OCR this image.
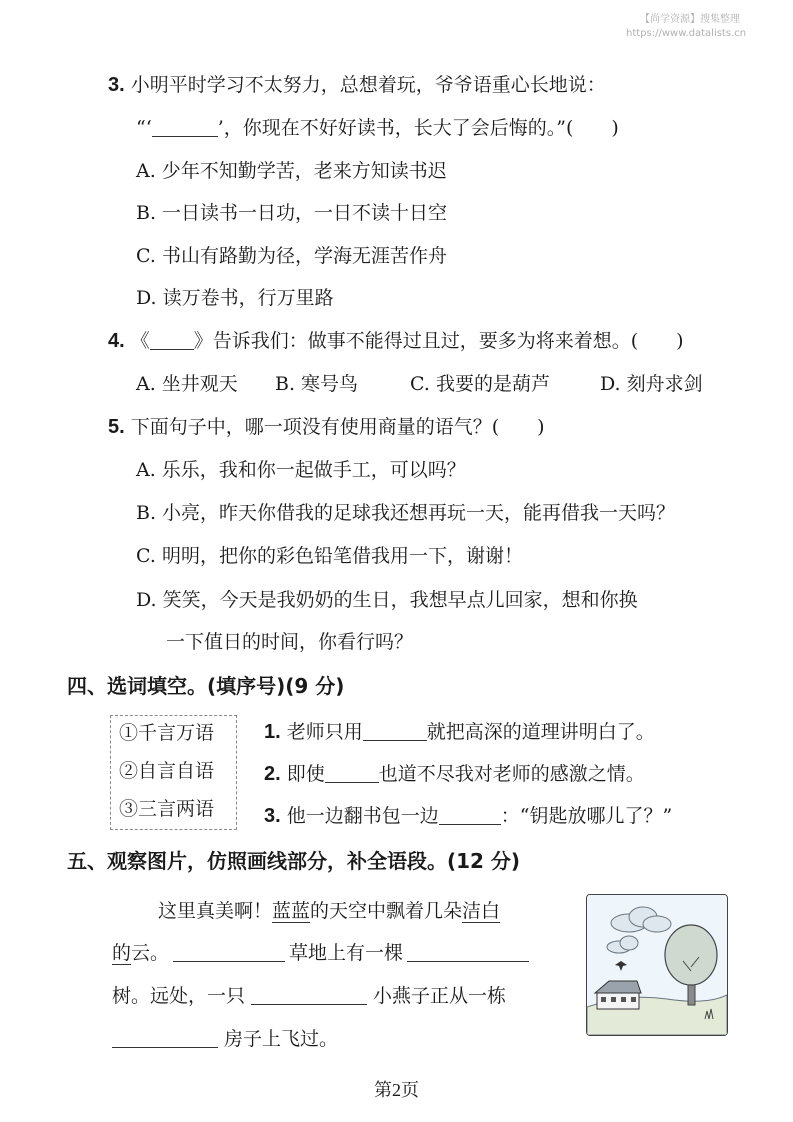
【尚学资源】搜集整理
https://www.datalists.cn
3. 小明平时学习不太努力，总想着玩，爷爷语重心长地说：
“‘	’，你现在不好好读书，长大了会后悔的。”(　　)
A. 少年不知勤学苦，老来方知读书迟
B. 一日读书一日功，一日不读十日空
C. 书山有路勤为径，学海无涯苦作舟
D. 读万卷书，行万里路
4. 《 》告诉我们：做事不能得过且过，要多为将来着想。(　　)
A. 坐井观天 B. 寒号鸟	C. 我要的是葫芦	D. 刻舟求剑
5. 下面句子中，哪一项没有使用商量的语气？(　　)
A. 乐乐，我和你一起做手工，可以吗？
B. 小亮，昨天你借我的足球我还想再玩一天，能再借我一天吗？
C. 明明，把你的彩色铅笔借我用一下，谢谢！
D. 笑笑，今天是我奶奶的生日，我想早点儿回家，想和你换
一下值日的时间，你看行吗？
四、选词填空。(填序号)(9 分)
①千言万语
②自言自语
③三言两语
1. 老师只用	就把高深的道理讲明白了。
2. 即使	也道不尽我对老师的感激之情。
3. 他一边翻书包一边	：“钥匙放哪儿了？”
五、观察图片，仿照画线部分，补全语段。(12 分)
这里真美啊！蓝蓝的天空中飘着几朵洁白
的云。	草地上有一棵
树。远处，一只	小燕子正从一栋
房子上飞过。
第2页
